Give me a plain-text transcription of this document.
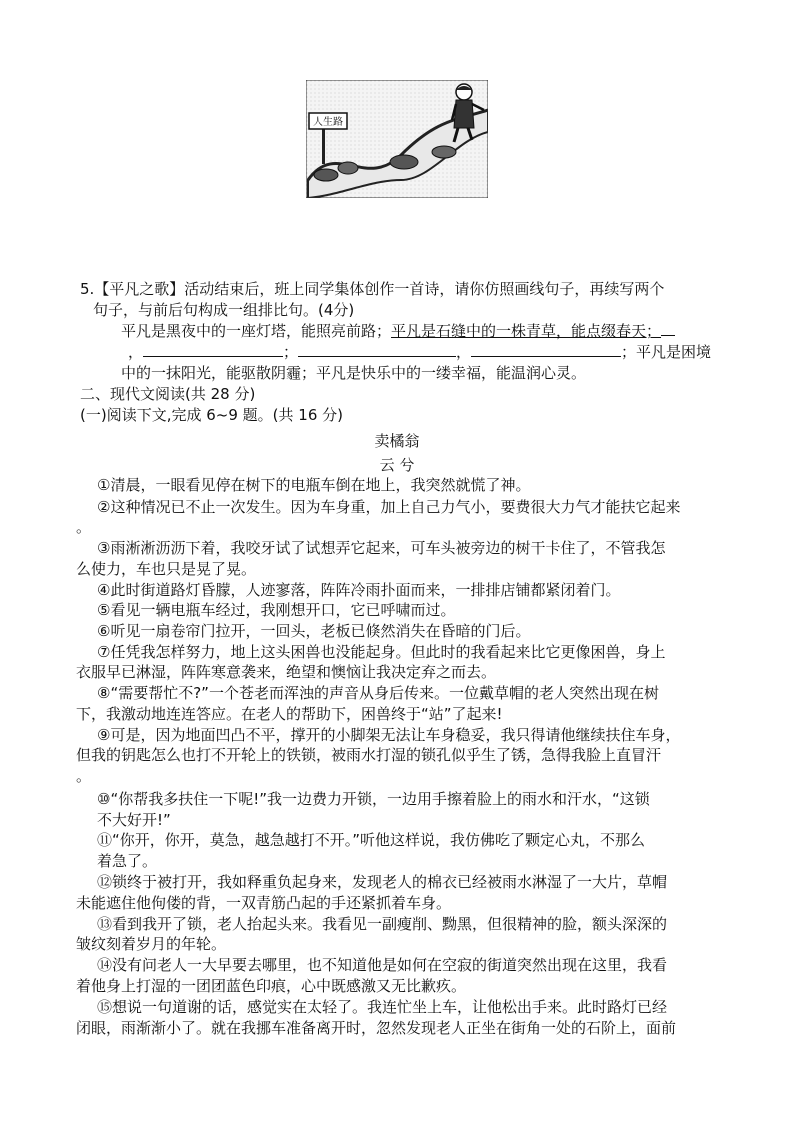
人生路
5.【平凡之歌】活动结束后，班上同学集体创作一首诗，请你仿照画线句子，再续写两个
句子，与前后句构成一组排比句。(4分)
平凡是黑夜中的一座灯塔，能照亮前路；平凡是石缝中的一株青草，能点缀春天；
，	；	，	；平凡是困境
中的一抹阳光，能驱散阴霾；平凡是快乐中的一缕幸福，能温润心灵。
二、现代文阅读(共 28 分)
(一)阅读下文,完成 6~9 题。(共 16 分)
卖橘翁
云 兮
①清晨，一眼看见停在树下的电瓶车倒在地上，我突然就慌了神。
②这种情况已不止一次发生。因为车身重，加上自己力气小，要费很大力气才能扶它起来
。
③雨淅淅沥沥下着，我咬牙试了试想弄它起来，可车头被旁边的树干卡住了，不管我怎
么使力，车也只是晃了晃。
④此时街道路灯昏朦，人迹寥落，阵阵冷雨扑面而来，一排排店铺都紧闭着门。
⑤看见一辆电瓶车经过，我刚想开口，它已呼啸而过。
⑥听见一扇卷帘门拉开，一回头，老板已倏然消失在昏暗的门后。
⑦任凭我怎样努力，地上这头困兽也没能起身。但此时的我看起来比它更像困兽，身上
衣服早已淋湿，阵阵寒意袭来，绝望和懊恼让我决定弃之而去。
⑧“需要帮忙不?”一个苍老而浑浊的声音从身后传来。一位戴草帽的老人突然出现在树
下，我激动地连连答应。在老人的帮助下，困兽终于“站”了起来!
⑨可是，因为地面凹凸不平，撑开的小脚架无法让车身稳妥，我只得请他继续扶住车身，
但我的钥匙怎么也打不开轮上的铁锁，被雨水打湿的锁孔似乎生了锈，急得我脸上直冒汗
。
⑩“你帮我多扶住一下呢!”我一边费力开锁，一边用手擦着脸上的雨水和汗水，“这锁
不大好开!”
⑪“你开，你开，莫急，越急越打不开。”听他这样说，我仿佛吃了颗定心丸，不那么
着急了。
⑫锁终于被打开，我如释重负起身来，发现老人的棉衣已经被雨水淋湿了一大片，草帽
未能遮住他佝偻的背，一双青筋凸起的手还紧抓着车身。
⑬看到我开了锁，老人抬起头来。我看见一副瘦削、黝黑，但很精神的脸，额头深深的
皱纹刻着岁月的年轮。
⑭没有问老人一大早要去哪里，也不知道他是如何在空寂的街道突然出现在这里，我看
着他身上打湿的一团团蓝色印痕，心中既感激又无比歉疚。
⑮想说一句道谢的话，感觉实在太轻了。我连忙坐上车，让他松出手来。此时路灯已经
闭眼，雨渐渐小了。就在我挪车准备离开时，忽然发现老人正坐在街角一处的石阶上，面前
